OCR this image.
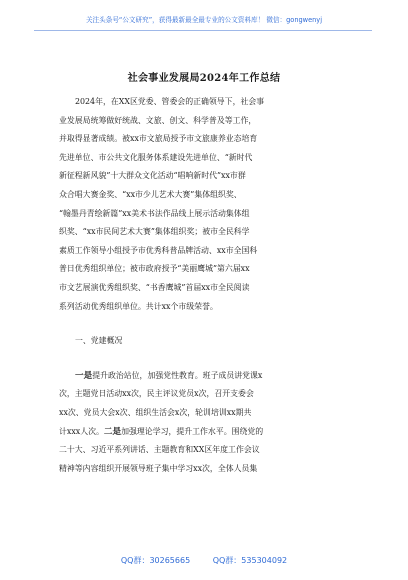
关注头条号“公文研究”，获得最新最全最专业的公文资料库！ 微信：gongwenyj
社会事业发展局2024年工作总结
2024年，在XX区党委、管委会的正确领导下，社会事
业发展局统筹做好统战、文旅、创文、科学普及等工作，
并取得显著成绩。被xx市文旅局授予市文旅康养业态培育
先进单位、市公共文化服务体系建设先进单位、“新时代
新征程新风貌”十大群众文化活动“唱响新时代”xx市群
众合唱大赛金奖、“xx市少儿艺术大赛”集体组织奖、
“翰墨丹青绘新篇”xx美术书法作品线上展示活动集体组
织奖、“xx市民间艺术大赛”集体组织奖；被市全民科学
素质工作领导小组授予市优秀科普品牌活动、xx市全国科
普日优秀组织单位；被市政府授予“美丽鹰城”第六届xx
市文艺展演优秀组织奖、“书香鹰城”首届xx市全民阅读
系列活动优秀组织单位。共计xx个市级荣誉。
一、党建概况
一是提升政治站位，加强党性教育。班子成员讲党课x
次，主题党日活动xx次，民主评议党员x次，召开支委会
xx次、党员大会x次、组织生活会x次，轮训培训xx期共
计xxx人次。二是加强理论学习，提升工作水平。围绕党的
二十大、习近平系列讲话、主题教育和XX区年度工作会议
精神等内容组织开展领导班子集中学习xx次，全体人员集
QQ群：30265665	QQ群：535304092
